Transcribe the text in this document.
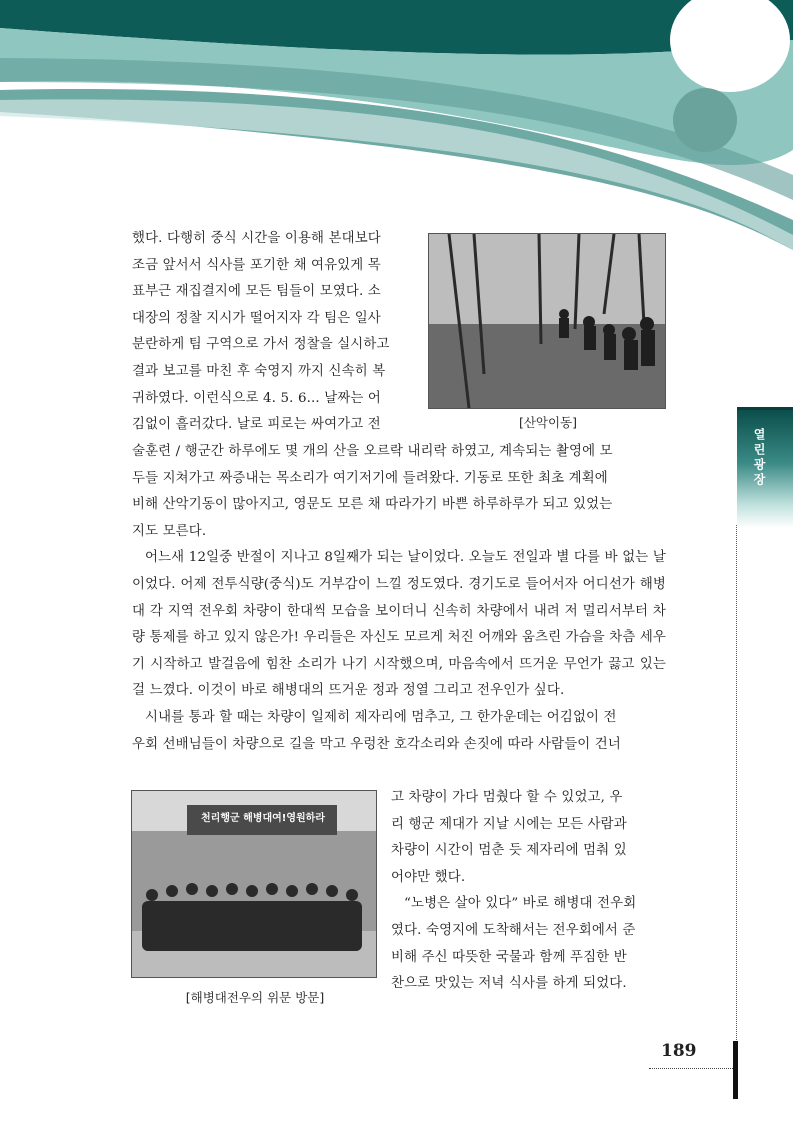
[산악이동]
했다. 다행히 중식 시간을 이용해 본대보다
조금 앞서서 식사를 포기한 채 여유있게 목
표부근 재집결지에 모든 팀들이 모였다. 소
대장의 정찰 지시가 떨어지자 각 팀은 일사
분란하게 팀 구역으로 가서 정찰을 실시하고
결과 보고를 마친 후 숙영지 까지 신속히 복
귀하였다. 이런식으로 4. 5. 6... 날짜는 어
김없이 흘러갔다. 날로 피로는 싸여가고 전
술훈련 / 행군간 하루에도 몇 개의 산을 오르락 내리락 하였고, 계속되는 촬영에 모
두들 지쳐가고 짜증내는 목소리가 여기저기에 들려왔다. 기동로 또한 최초 계획에
비해 산악기동이 많아지고, 영문도 모른 채 따라가기 바쁜 하루하루가 되고 있었는
지도 모른다.

어느새 12일중 반절이 지나고 8일째가 되는 날이었다. 오늘도 전일과 별 다를 바 없는 날이었다. 어제 전투식량(중식)도 거부감이 느낄 정도였다. 경기도로 들어서자 어디선가 해병대 각 지역 전우회 차량이 한대씩 모습을 보이더니 신속히 차량에서 내려 저 멀리서부터 차량 통제를 하고 있지 않은가! 우리들은 자신도 모르게 처진 어깨와 움츠린 가슴을 차츰 세우기 시작하고 발걸음에 힘찬 소리가 나기 시작했으며, 마음속에서 뜨거운 무언가 끓고 있는 걸 느꼈다. 이것이 바로 해병대의 뜨거운 정과 정열 그리고 전우인가 싶다.

시내를 통과 할 때는 차량이 일제히 제자리에 멈추고, 그 한가운데는 어김없이 전
우회 선배님들이 차량으로 길을 막고 우렁찬 호각소리와 손짓에 따라 사람들이 건너
천리행군 해병대여!영원하라
[해병대전우의 위문 방문]
고 차량이 가다 멈췄다 할 수 있었고, 우
리 행군 제대가 지날 시에는 모든 사람과
차량이 시간이 멈춘 듯 제자리에 멈춰 있
어야만 했다.
“노병은 살아 있다” 바로 해병대 전우회
였다. 숙영지에 도착해서는 전우회에서 준
비해 주신 따뜻한 국물과 함께 푸짐한 반
찬으로 맛있는 저녁 식사를 하게 되었다.
열린광장
189
